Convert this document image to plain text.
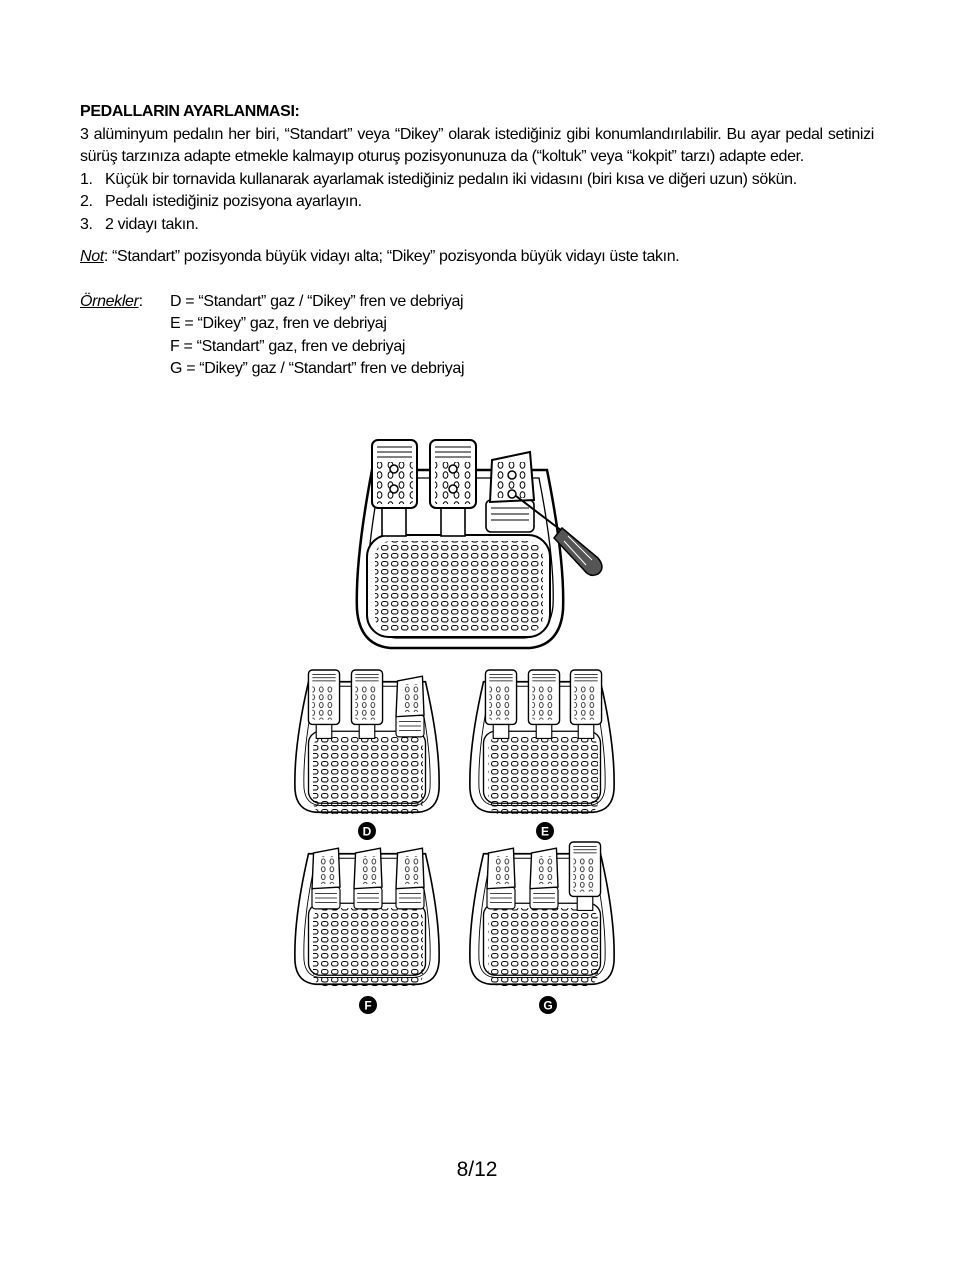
PEDALLARIN AYARLANMASI:

3 alüminyum pedalın her biri, “Standart” veya “Dikey” olarak istediğiniz gibi konumlandırılabilir. Bu ayar pedal setinizi sürüş tarzınıza adapte etmekle kalmayıp oturuş pozisyonunuza da (“koltuk” veya “kokpit” tarzı) adapte eder.

1. Küçük bir tornavida kullanarak ayarlamak istediğiniz pedalın iki vidasını (biri kısa ve diğeri uzun) sökün.
2. Pedalı istediğiniz pozisyona ayarlayın.
3. 2 vidayı takın.

Not: “Standart” pozisyonda büyük vidayı alta; “Dikey” pozisyonda büyük vidayı üste takın.

Örnekler:	D = “Standart” gaz / “Dikey” fren ve debriyaj
E = “Dikey” gaz, fren ve debriyaj
F = “Standart” gaz, fren ve debriyaj
G = “Dikey” gaz / “Standart” fren ve debriyaj
D	E
F	G
8/12
